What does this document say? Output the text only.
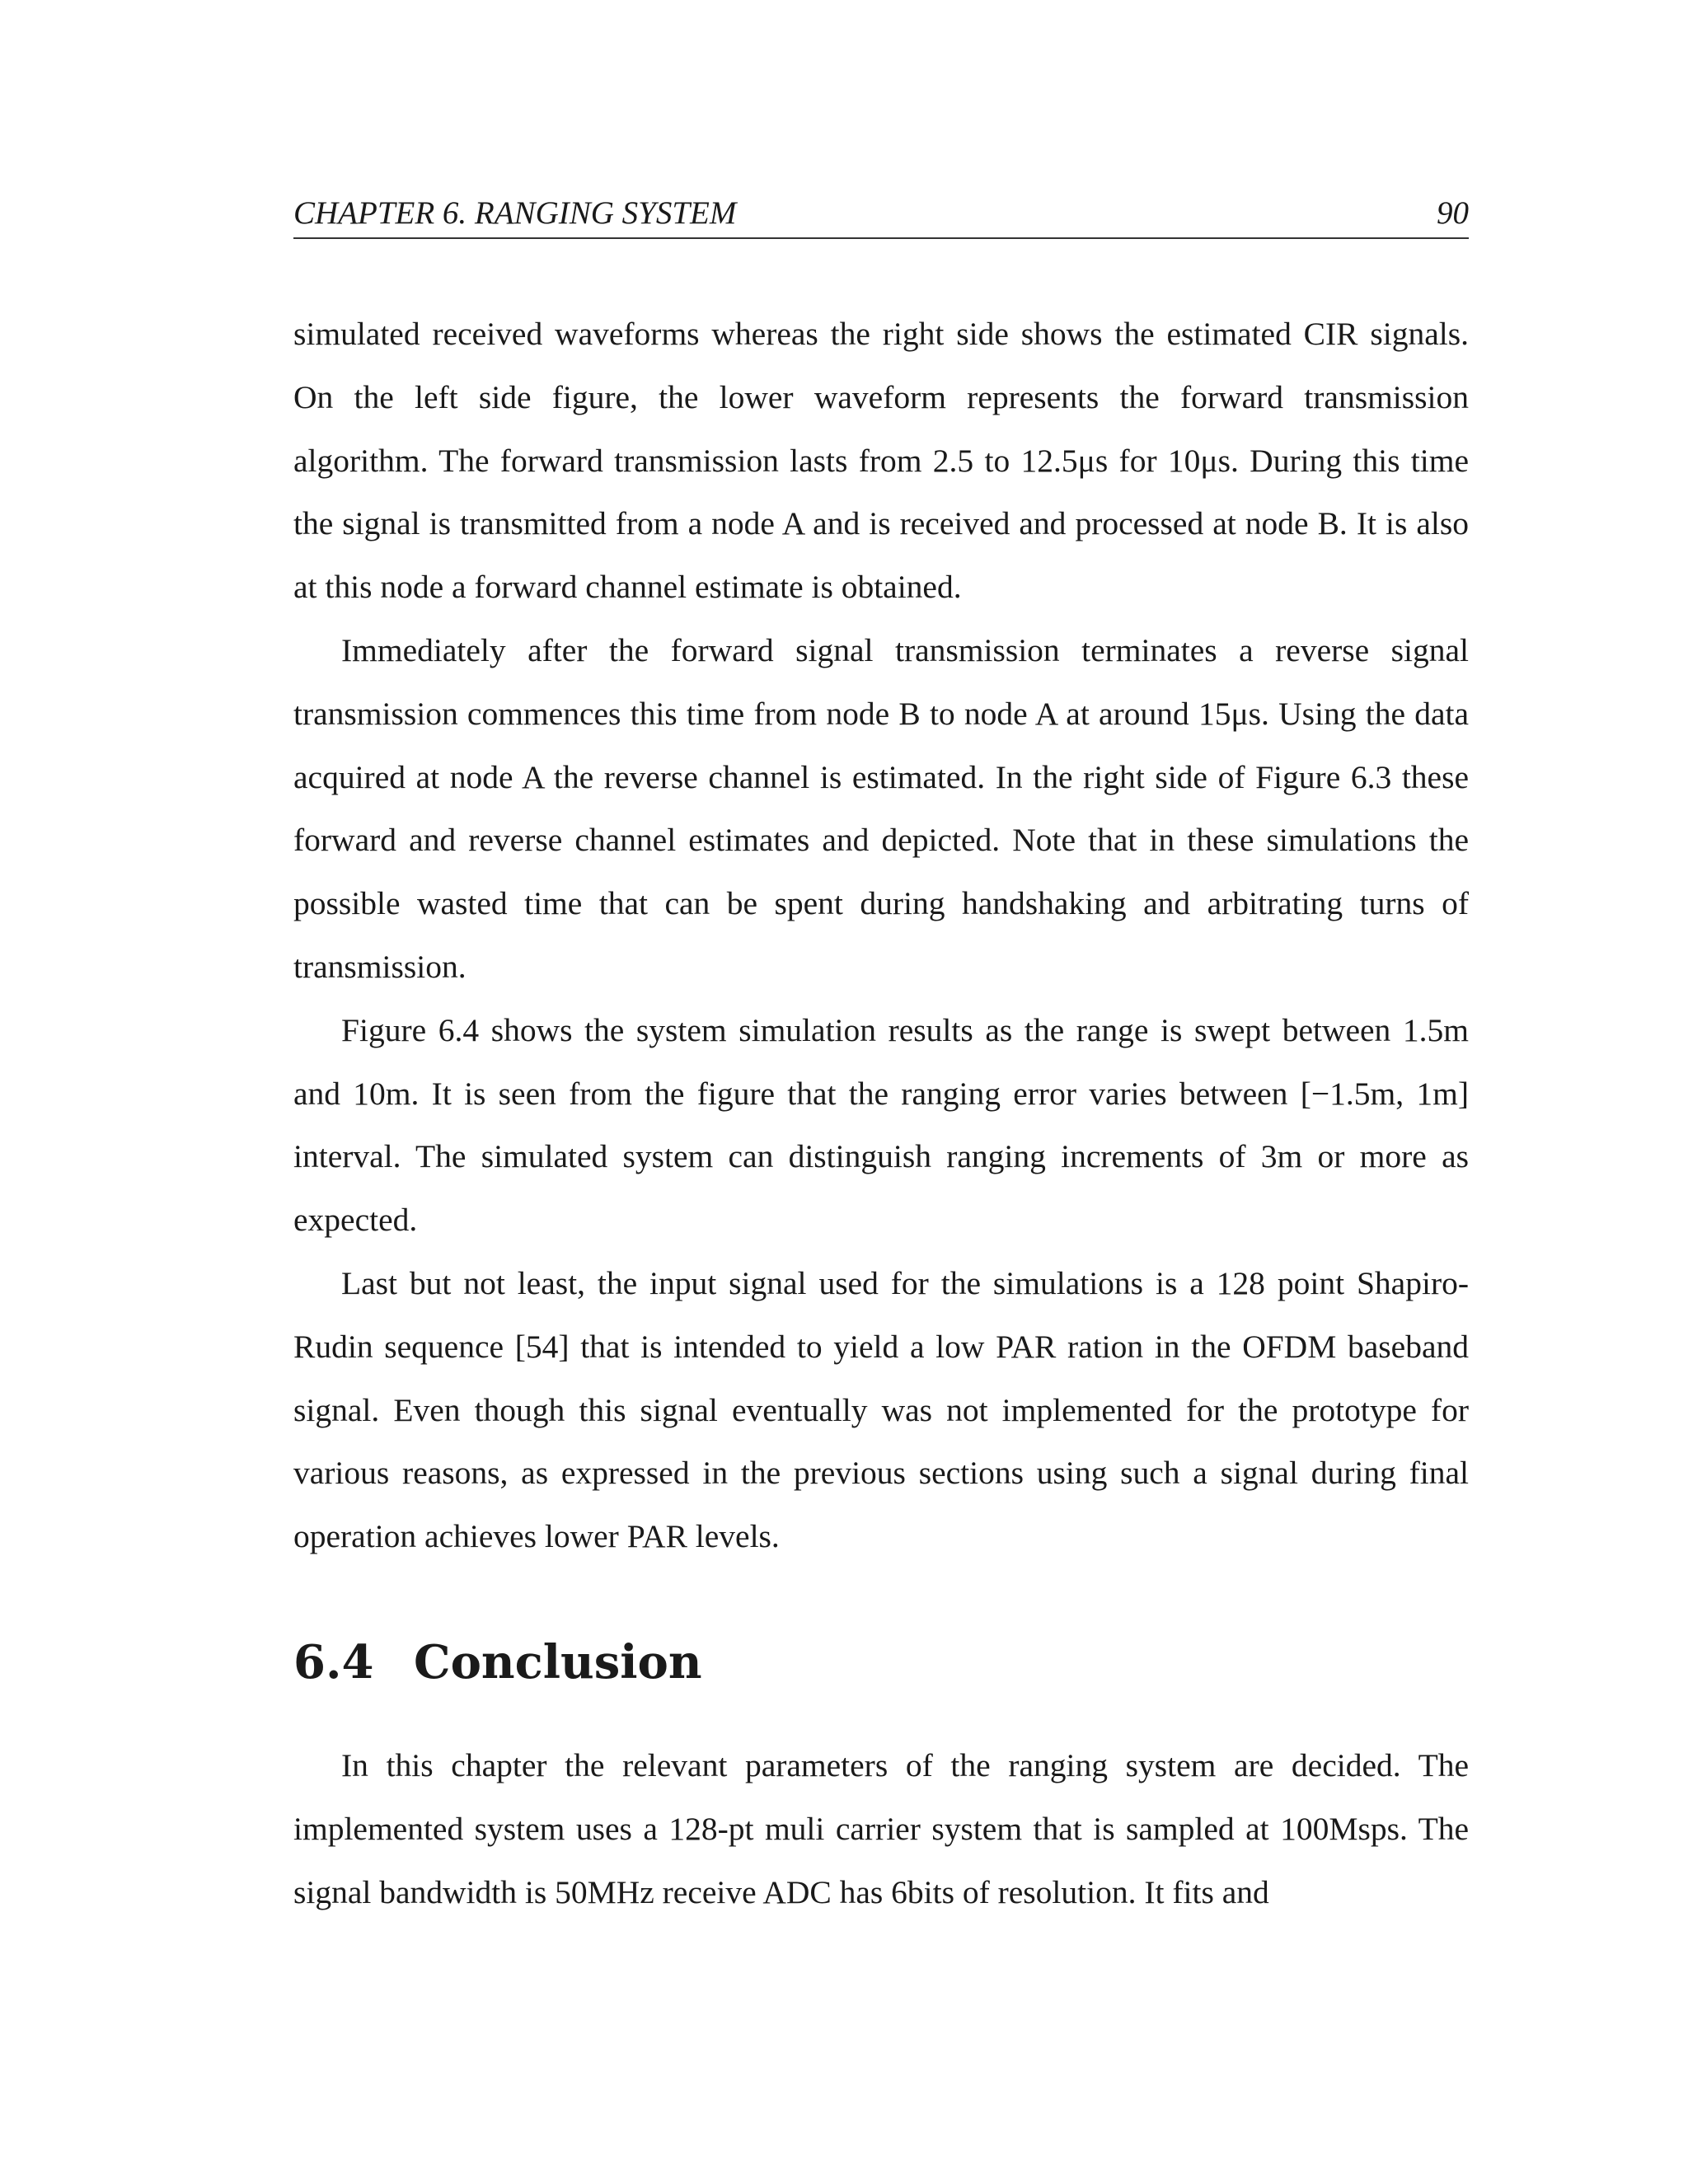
CHAPTER 6. RANGING SYSTEM	90

simulated received waveforms whereas the right side shows the estimated CIR signals. On the left side figure, the lower waveform represents the forward transmission algorithm. The forward transmission lasts from 2.5 to 12.5μs for 10μs. During this time the signal is transmitted from a node A and is received and processed at node B. It is also at this node a forward channel estimate is obtained.

Immediately after the forward signal transmission terminates a reverse signal transmission commences this time from node B to node A at around 15μs. Using the data acquired at node A the reverse channel is estimated. In the right side of Figure 6.3 these forward and reverse channel estimates and depicted. Note that in these simulations the possible wasted time that can be spent during handshaking and arbitrating turns of transmission.

Figure 6.4 shows the system simulation results as the range is swept between 1.5m and 10m. It is seen from the figure that the ranging error varies between [−1.5m, 1m] interval. The simulated system can distinguish ranging increments of 3m or more as expected.

Last but not least, the input signal used for the simulations is a 128 point Shapiro-Rudin sequence [54] that is intended to yield a low PAR ration in the OFDM baseband signal. Even though this signal eventually was not implemented for the prototype for various reasons, as expressed in the previous sections using such a signal during final operation achieves lower PAR levels.

6.4 Conclusion

In this chapter the relevant parameters of the ranging system are decided. The implemented system uses a 128-pt muli carrier system that is sampled at 100Msps. The signal bandwidth is 50MHz receive ADC has 6bits of resolution. It fits and
